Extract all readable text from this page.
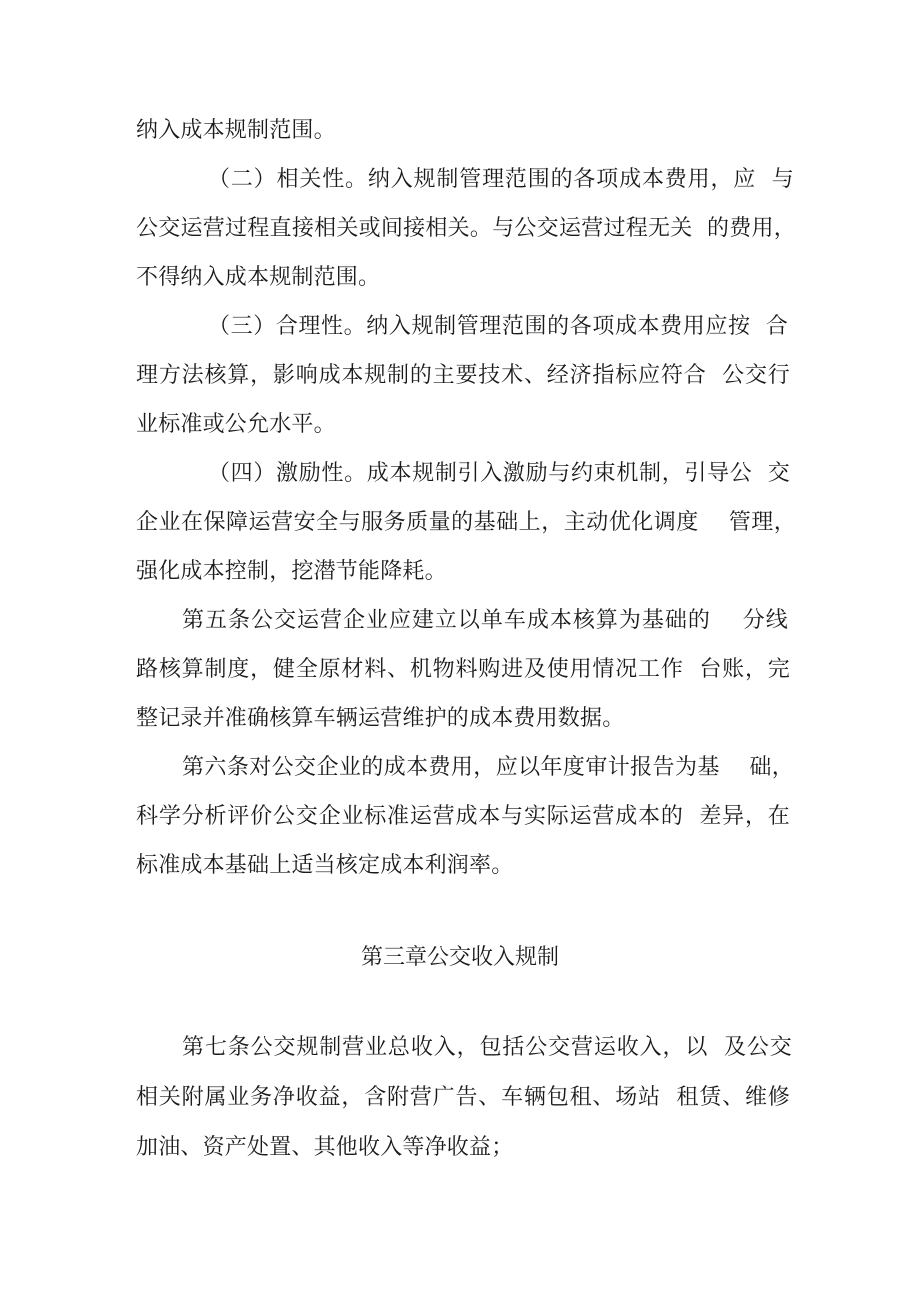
纳入成本规制范围。
（二）相关性。纳入规制管理范围的各项成本费用，应  与
公交运营过程直接相关或间接相关。与公交运营过程无关  的费用，
不得纳入成本规制范围。
（三）合理性。纳入规制管理范围的各项成本费用应按  合
理方法核算，影响成本规制的主要技术、经济指标应符合  公交行
业标准或公允水平。
（四）激励性。成本规制引入激励与约束机制，引导公  交
企业在保障运营安全与服务质量的基础上，主动优化调度    管理，
强化成本控制，挖潜节能降耗。
第五条公交运营企业应建立以单车成本核算为基础的    分线
路核算制度，健全原材料、机物料购进及使用情况工作  台账，完
整记录并准确核算车辆运营维护的成本费用数据。
第六条对公交企业的成本费用，应以年度审计报告为基    础，
科学分析评价公交企业标准运营成本与实际运营成本的  差异，在
标准成本基础上适当核定成本利润率。
第三章公交收入规制
第七条公交规制营业总收入，包括公交营运收入，以  及公交
相关附属业务净收益，含附营广告、车辆包租、场站  租赁、维修
加油、资产处置、其他收入等净收益；
